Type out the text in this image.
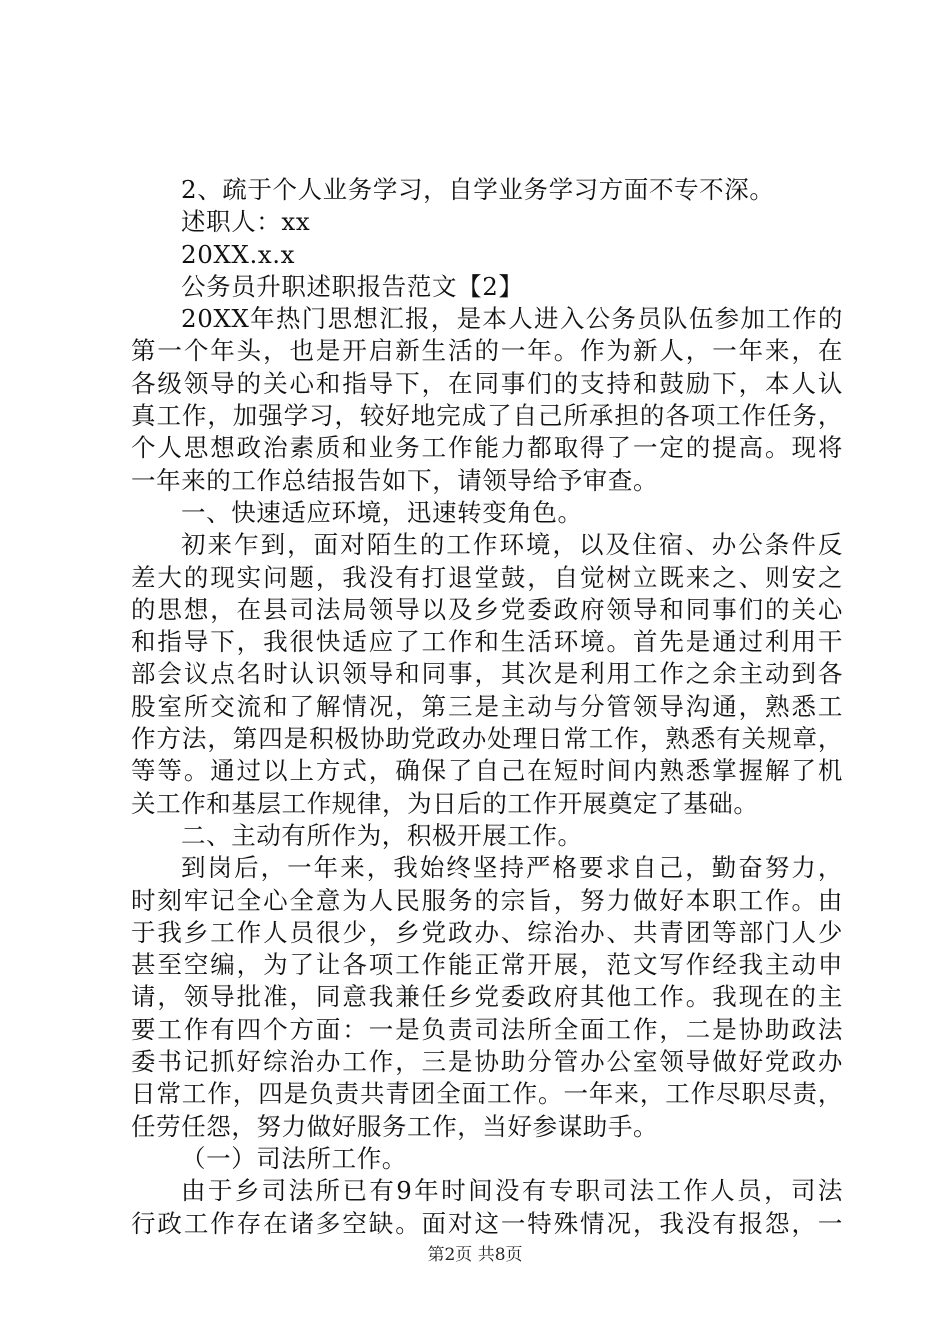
2、疏于个人业务学习，自学业务学习方面不专不深。
述职人：xx
20XX.x.x
公务员升职述职报告范文【2】
20XX年热门思想汇报，是本人进入公务员队伍参加工作的
第一个年头，也是开启新生活的一年。作为新人，一年来，在
各级领导的关心和指导下，在同事们的支持和鼓励下，本人认
真工作，加强学习，较好地完成了自己所承担的各项工作任务，
个人思想政治素质和业务工作能力都取得了一定的提高。现将
一年来的工作总结报告如下，请领导给予审查。
一、快速适应环境，迅速转变角色。
初来乍到，面对陌生的工作环境，以及住宿、办公条件反
差大的现实问题，我没有打退堂鼓，自觉树立既来之、则安之
的思想，在县司法局领导以及乡党委政府领导和同事们的关心
和指导下，我很快适应了工作和生活环境。首先是通过利用干
部会议点名时认识领导和同事，其次是利用工作之余主动到各
股室所交流和了解情况，第三是主动与分管领导沟通，熟悉工
作方法，第四是积极协助党政办处理日常工作，熟悉有关规章，
等等。通过以上方式，确保了自己在短时间内熟悉掌握解了机
关工作和基层工作规律，为日后的工作开展奠定了基础。
二、主动有所作为，积极开展工作。
到岗后，一年来，我始终坚持严格要求自己，勤奋努力，
时刻牢记全心全意为人民服务的宗旨，努力做好本职工作。由
于我乡工作人员很少，乡党政办、综治办、共青团等部门人少
甚至空编，为了让各项工作能正常开展，范文写作经我主动申
请，领导批准，同意我兼任乡党委政府其他工作。我现在的主
要工作有四个方面：一是负责司法所全面工作，二是协助政法
委书记抓好综治办工作，三是协助分管办公室领导做好党政办
日常工作，四是负责共青团全面工作。一年来，工作尽职尽责，
任劳任怨，努力做好服务工作，当好参谋助手。
（一）司法所工作。
由于乡司法所已有9年时间没有专职司法工作人员，司法
行政工作存在诸多空缺。面对这一特殊情况，我没有报怨，一
第2页 共8页
